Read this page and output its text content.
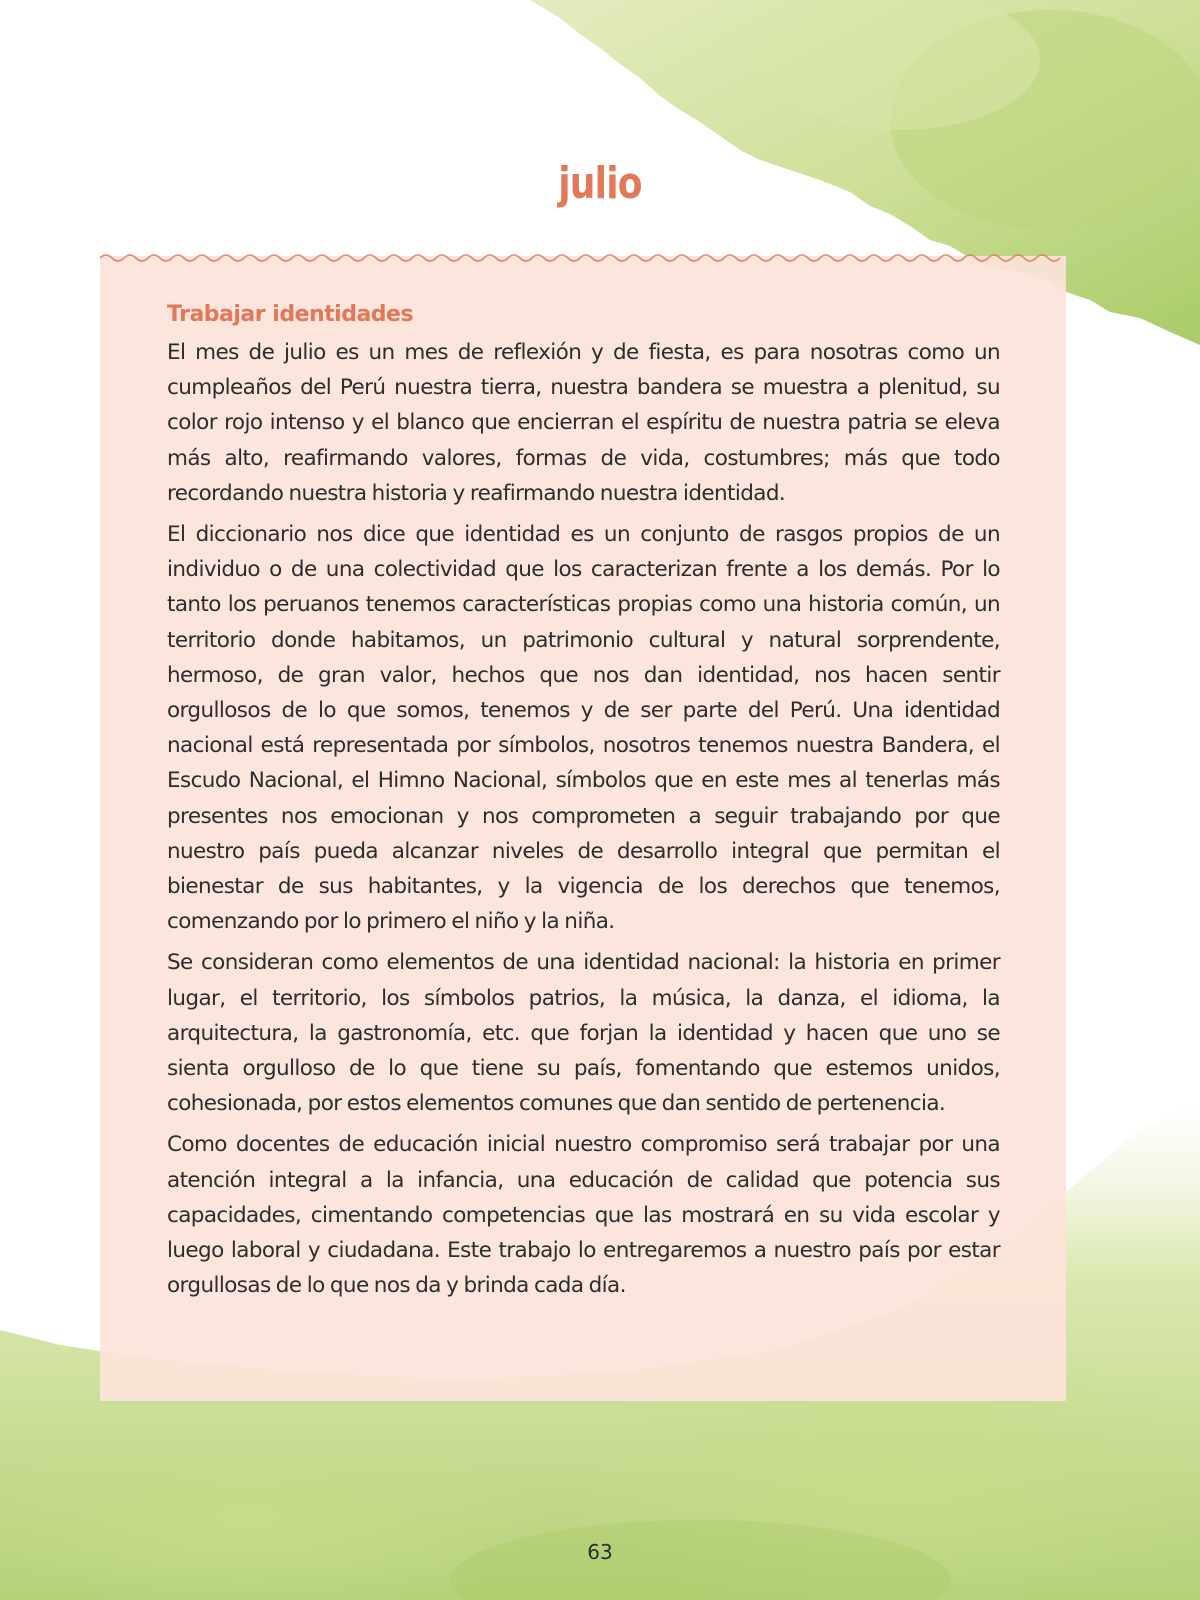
julio
Trabajar identidades

El mes de julio es un mes de reflexión y de fiesta, es para nosotras como un cumpleaños del Perú nuestra tierra, nuestra bandera se muestra a plenitud, su color rojo intenso y el blanco que encierran el espíritu de nuestra patria se eleva más alto, reafirmando valores, formas de vida, costumbres; más que todo recordando nuestra historia y reafirmando nuestra identidad.

El diccionario nos dice que identidad es un conjunto de rasgos propios de un individuo o de una colectividad que los caracterizan frente a los demás. Por lo tanto los peruanos tenemos características propias como una historia común, un territorio donde habitamos, un patrimonio cultural y natural sorprendente, hermoso, de gran valor, hechos que nos dan identidad, nos hacen sentir orgullosos de lo que somos, tenemos y de ser parte del Perú. Una identidad nacional está representada por símbolos, nosotros tenemos nuestra Bandera, el Escudo Nacional, el Himno Nacional, símbolos que en este mes al tenerlas más presentes nos emocionan y nos comprometen a seguir trabajando por que nuestro país pueda alcanzar niveles de desarrollo integral que permitan el bienestar de sus habitantes, y la vigencia de los derechos que tenemos, comenzando por lo primero el niño y la niña.

Se consideran como elementos de una identidad nacional: la historia en primer lugar, el territorio, los símbolos patrios, la música, la danza, el idioma, la arquitectura, la gastronomía, etc. que forjan la identidad y hacen que uno se sienta orgulloso de lo que tiene su país, fomentando que estemos unidos, cohesionada, por estos elementos comunes que dan sentido de pertenencia.

Como docentes de educación inicial nuestro compromiso será trabajar por una atención integral a la infancia, una educación de calidad que potencia sus capacidades, cimentando competencias que las mostrará en su vida escolar y luego laboral y ciudadana. Este trabajo lo entregaremos a nuestro país por estar orgullosas de lo que nos da y brinda cada día.

63
